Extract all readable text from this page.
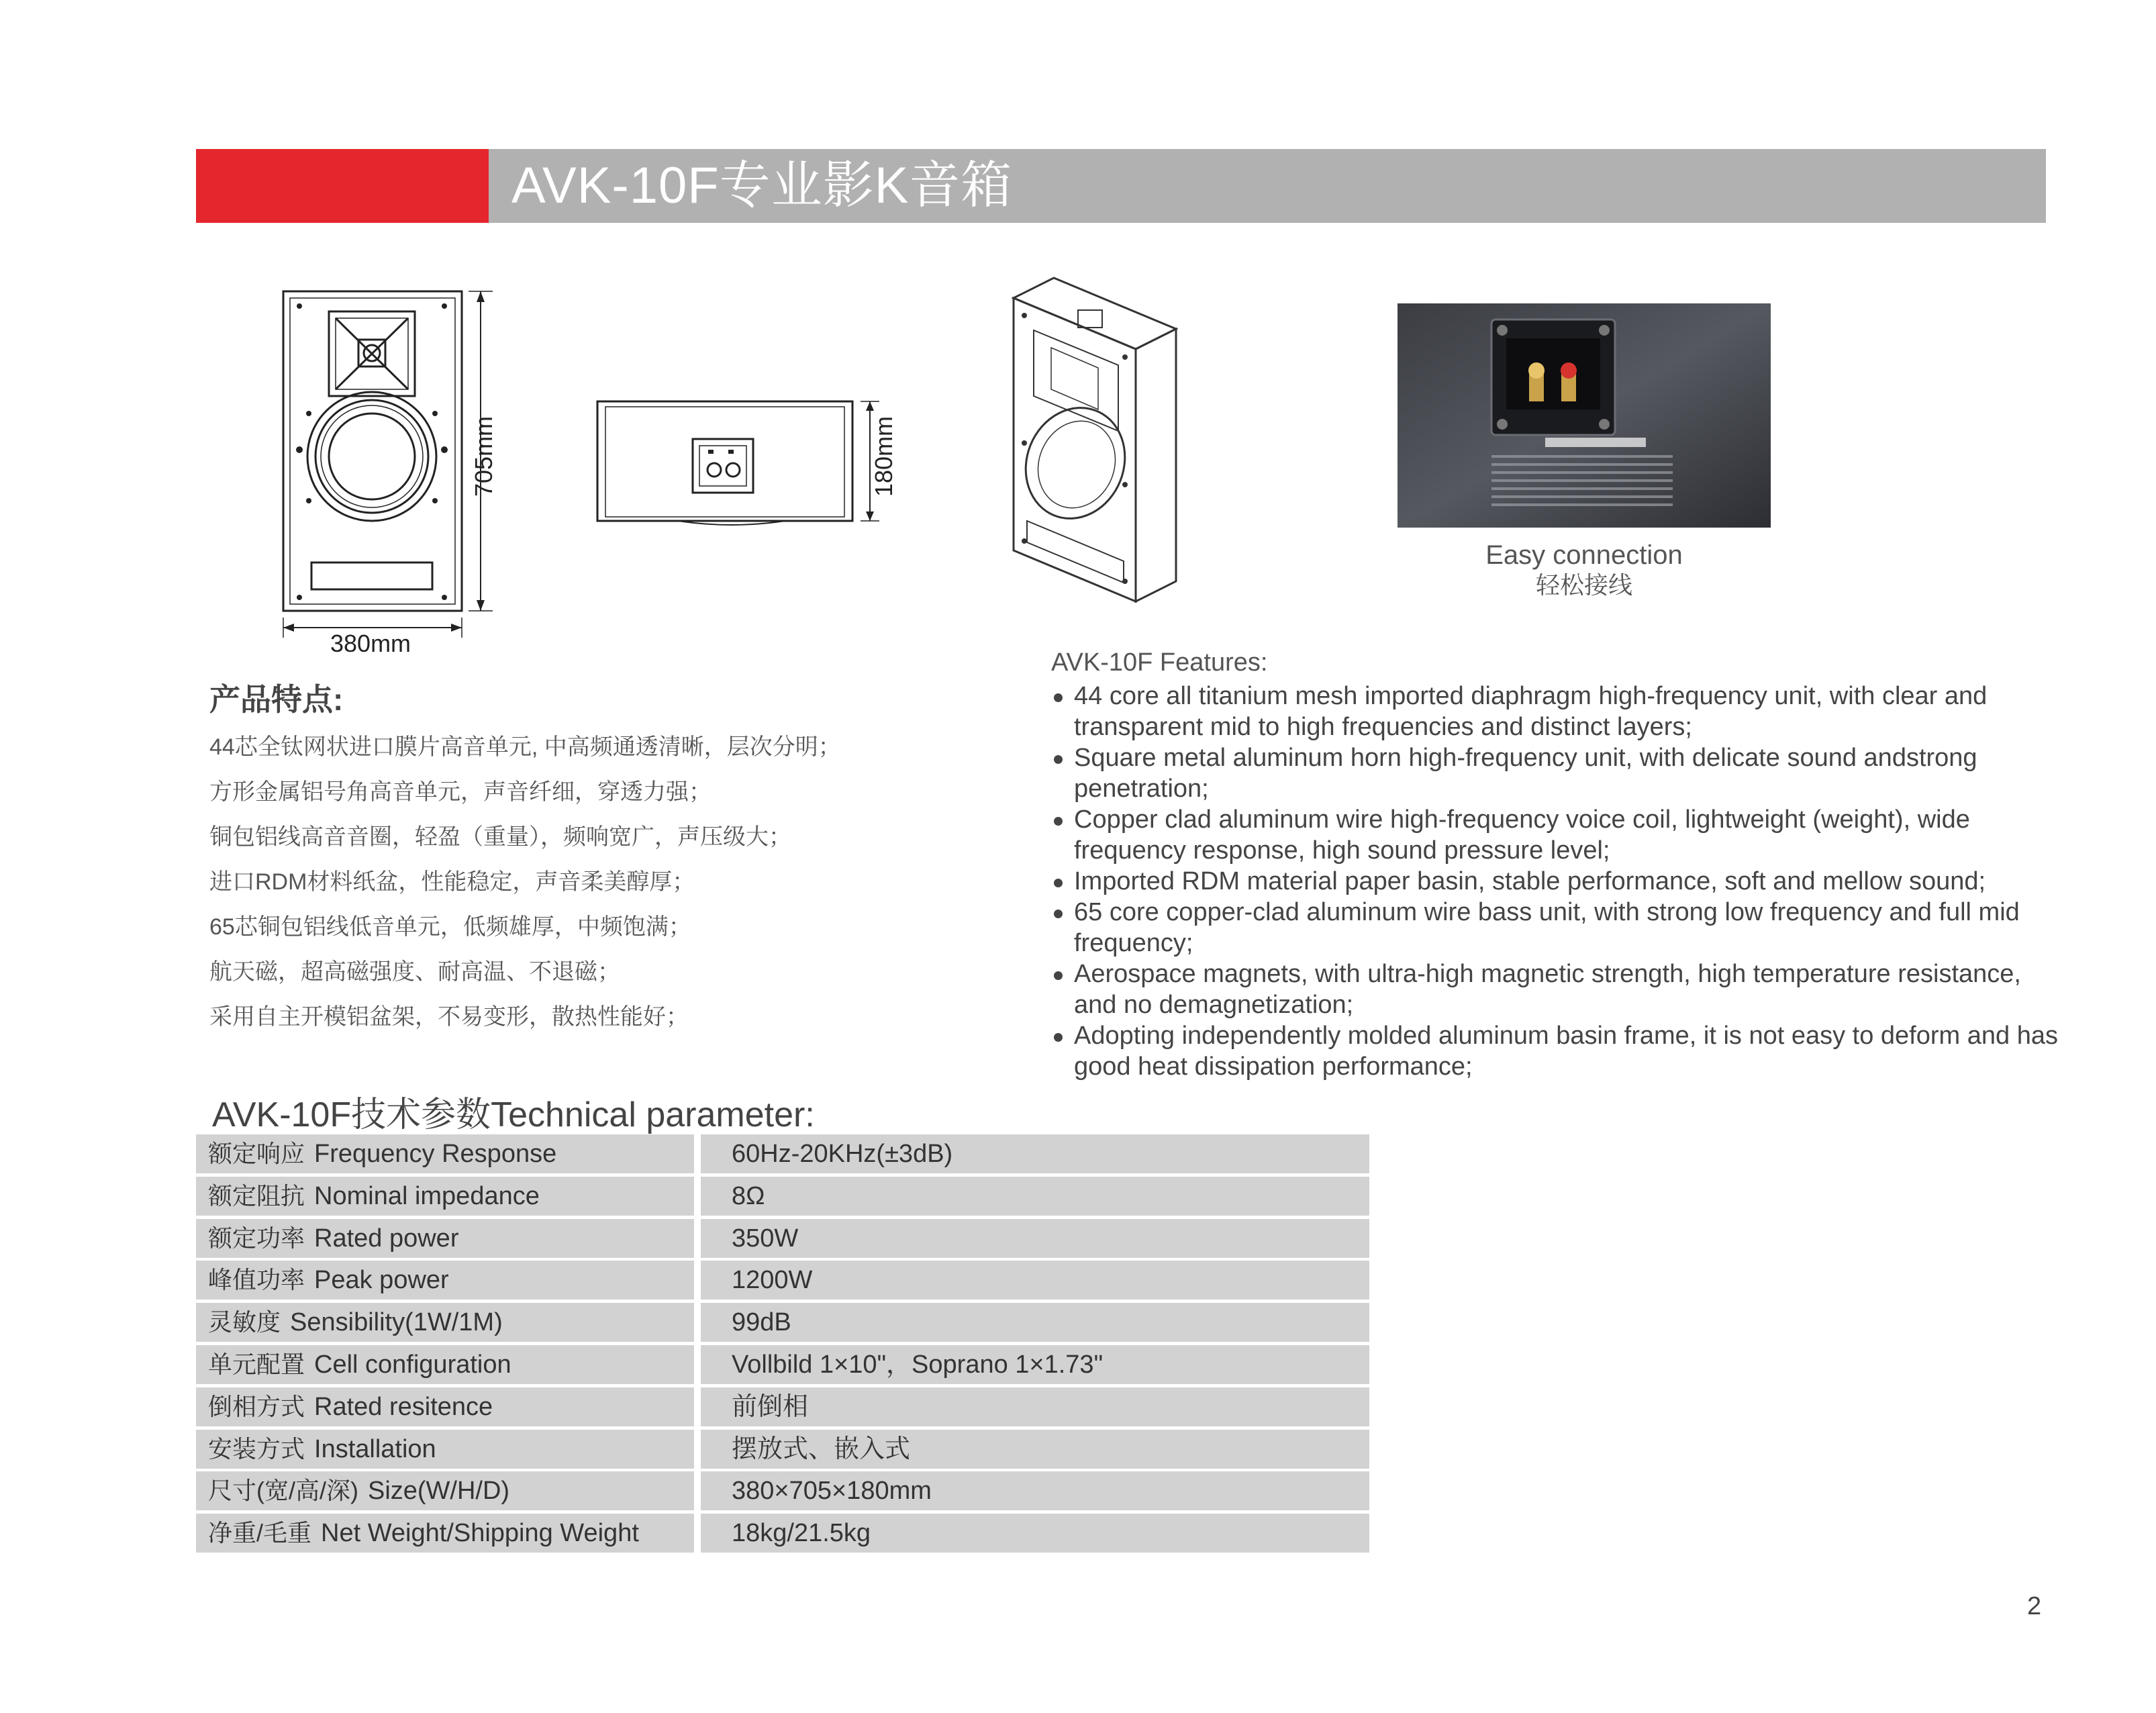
AVK-10F专业影K音箱
705mm
380mm
180mm
Easy connection
轻松接线
产品特点:
44芯全钛网状进口膜片高音单元, 中高频通透清晰，层次分明；
方形金属铝号角高音单元，声音纤细，穿透力强；
铜包铝线高音音圈，轻盈（重量），频响宽广，声压级大；
进口RDM材料纸盆，性能稳定，声音柔美醇厚；
65芯铜包铝线低音单元，低频雄厚，中频饱满；
航天磁，超高磁强度、耐高温、不退磁；
采用自主开模铝盆架，不易变形，散热性能好；
AVK-10F Features:
44 core all titanium mesh imported diaphragm high-frequency unit, with clear and transparent mid to high frequencies and distinct layers;
Square metal aluminum horn high-frequency unit, with delicate sound andstrong penetration;
Copper clad aluminum wire high-frequency voice coil, lightweight (weight), wide frequency response, high sound pressure level;
Imported RDM material paper basin, stable performance, soft and mellow sound;
65 core copper-clad aluminum wire bass unit, with strong low frequency and full mid frequency;
Aerospace magnets, with ultra-high magnetic strength, high temperature resistance, and no demagnetization;
Adopting independently molded aluminum basin frame, it is not easy to deform and has good heat dissipation performance;
AVK-10F技术参数Technical parameter:
额定响应 Frequency Response	60Hz-20KHz(±3dB)
额定阻抗 Nominal impedance	8Ω
额定功率 Rated power	350W
峰值功率 Peak power	1200W
灵敏度 Sensibility(1W/1M)	99dB
单元配置 Cell configuration	Vollbild 1×10"，Soprano 1×1.73"
倒相方式 Rated resitence	前倒相
安装方式 Installation	摆放式、嵌入式
尺寸(宽/高/深) Size(W/H/D)	380×705×180mm
净重/毛重 Net Weight/Shipping Weight	18kg/21.5kg
2
